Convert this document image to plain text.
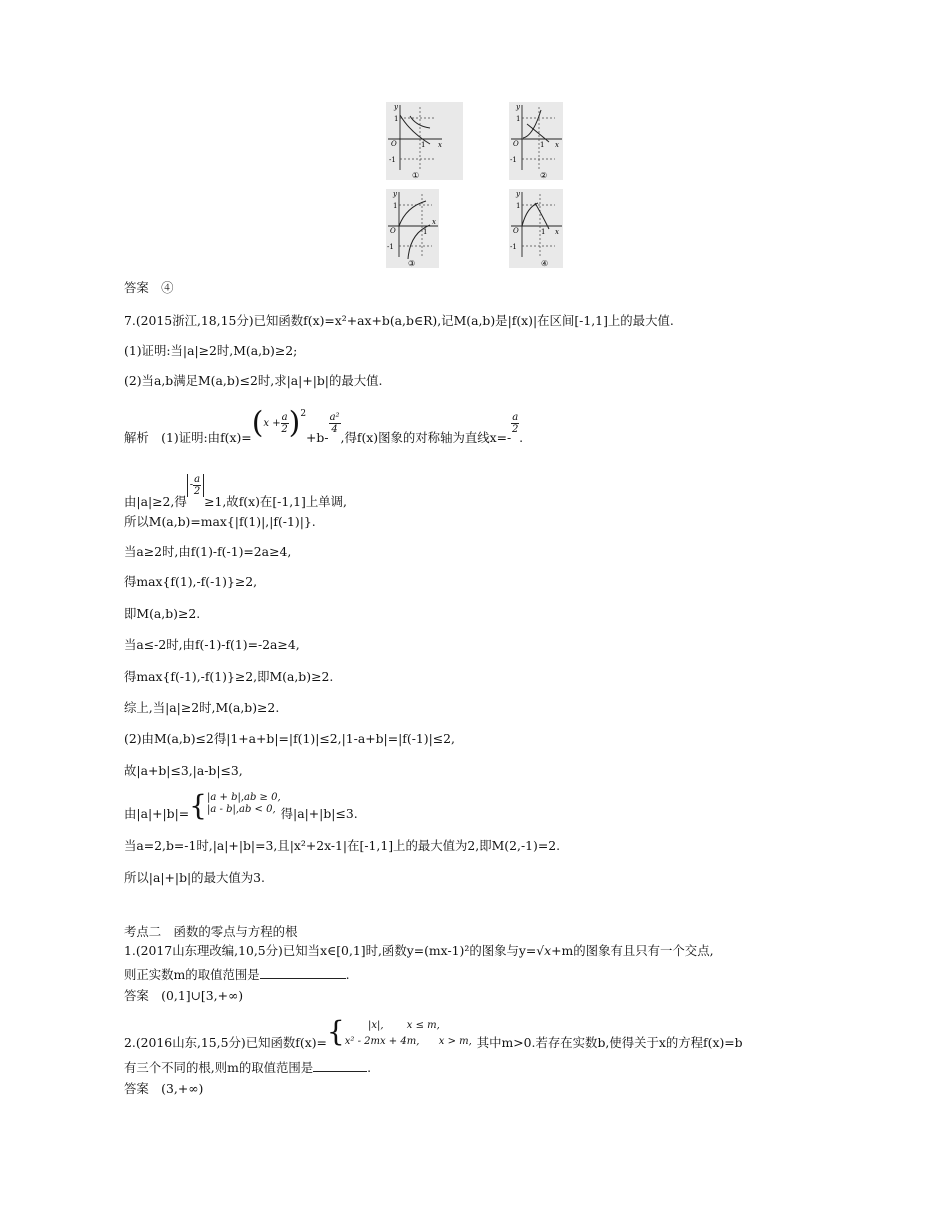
y
1
O	1 x
-1
①
y
1
O	1 x
-1
②
y
1
O	1
x
-1
③
y
1
O	1 x
-1
④
答案　④
7.(2015浙江,18,15分)已知函数f(x)=x²+ax+b(a,b∈R),记M(a,b)是|f(x)|在区间[-1,1]上的最大值.
(1)证明:当|a|≥2时,M(a,b)≥2;
(2)当a,b满足M(a,b)≤2时,求|a|+|b|的最大值.
解析　(1)证明:由$f(x)=(x + \frac{a}{2} )^2+b-$
$\frac{\text{a²}}{4}$
,得f(x)图象的对称轴为直线x=-
$\frac{a}{2}$
.
由|a|≥2,得- $\frac{a}{2}$
≥1,故f(x)在[-1,1]上单调,
所以M(a,b)=max{|f(1)|,|f(-1)|}.
当a≥2时,由f(1)-f(-1)=2a≥4,
得max{f(1),-f(-1)}≥2,
即M(a,b)≥2.
当a≤-2时,由f(-1)-f(1)=-2a≥4,
得max{f(-1),-f(1)}≥2,即M(a,b)≥2.
综上,当|a|≥2时,M(a,b)≥2.
(2)由M(a,b)≤2得|1+a+b|=|f(1)|≤2,|1-a+b|=|f(-1)|≤2,
故|a+b|≤3,|a-b|≤3,
由|a|+|b|={ |a + b|,ab ≥ 0,
|a - b|,ab < 0, 得|a|+|b|≤3.
当a=2,b=-1时,|a|+|b|=3,且|x²+2x-1|在[-1,1]上的最大值为2,即M(2,-1)=2.
所以|a|+|b|的最大值为3.
考点二　函数的零点与方程的根
1.(2017山东理改编,10,5分)已知当x∈[0,1]时,函数y=(mx-1)²的图象与y=√x+m的图象有且只有一个交点,
则正实数m的取值范围是	.
答案　(0,1]∪[3,+∞)
2.(2016山东,15,5分)已知函数f(x)={	|x|, x ≤ m,
x² - 2mx + 4m, x > m, 其中m>0.若存在实数b,使得关于x的方程f(x)=b
有三个不同的根,则m的取值范围是	.
答案　(3,+∞)
